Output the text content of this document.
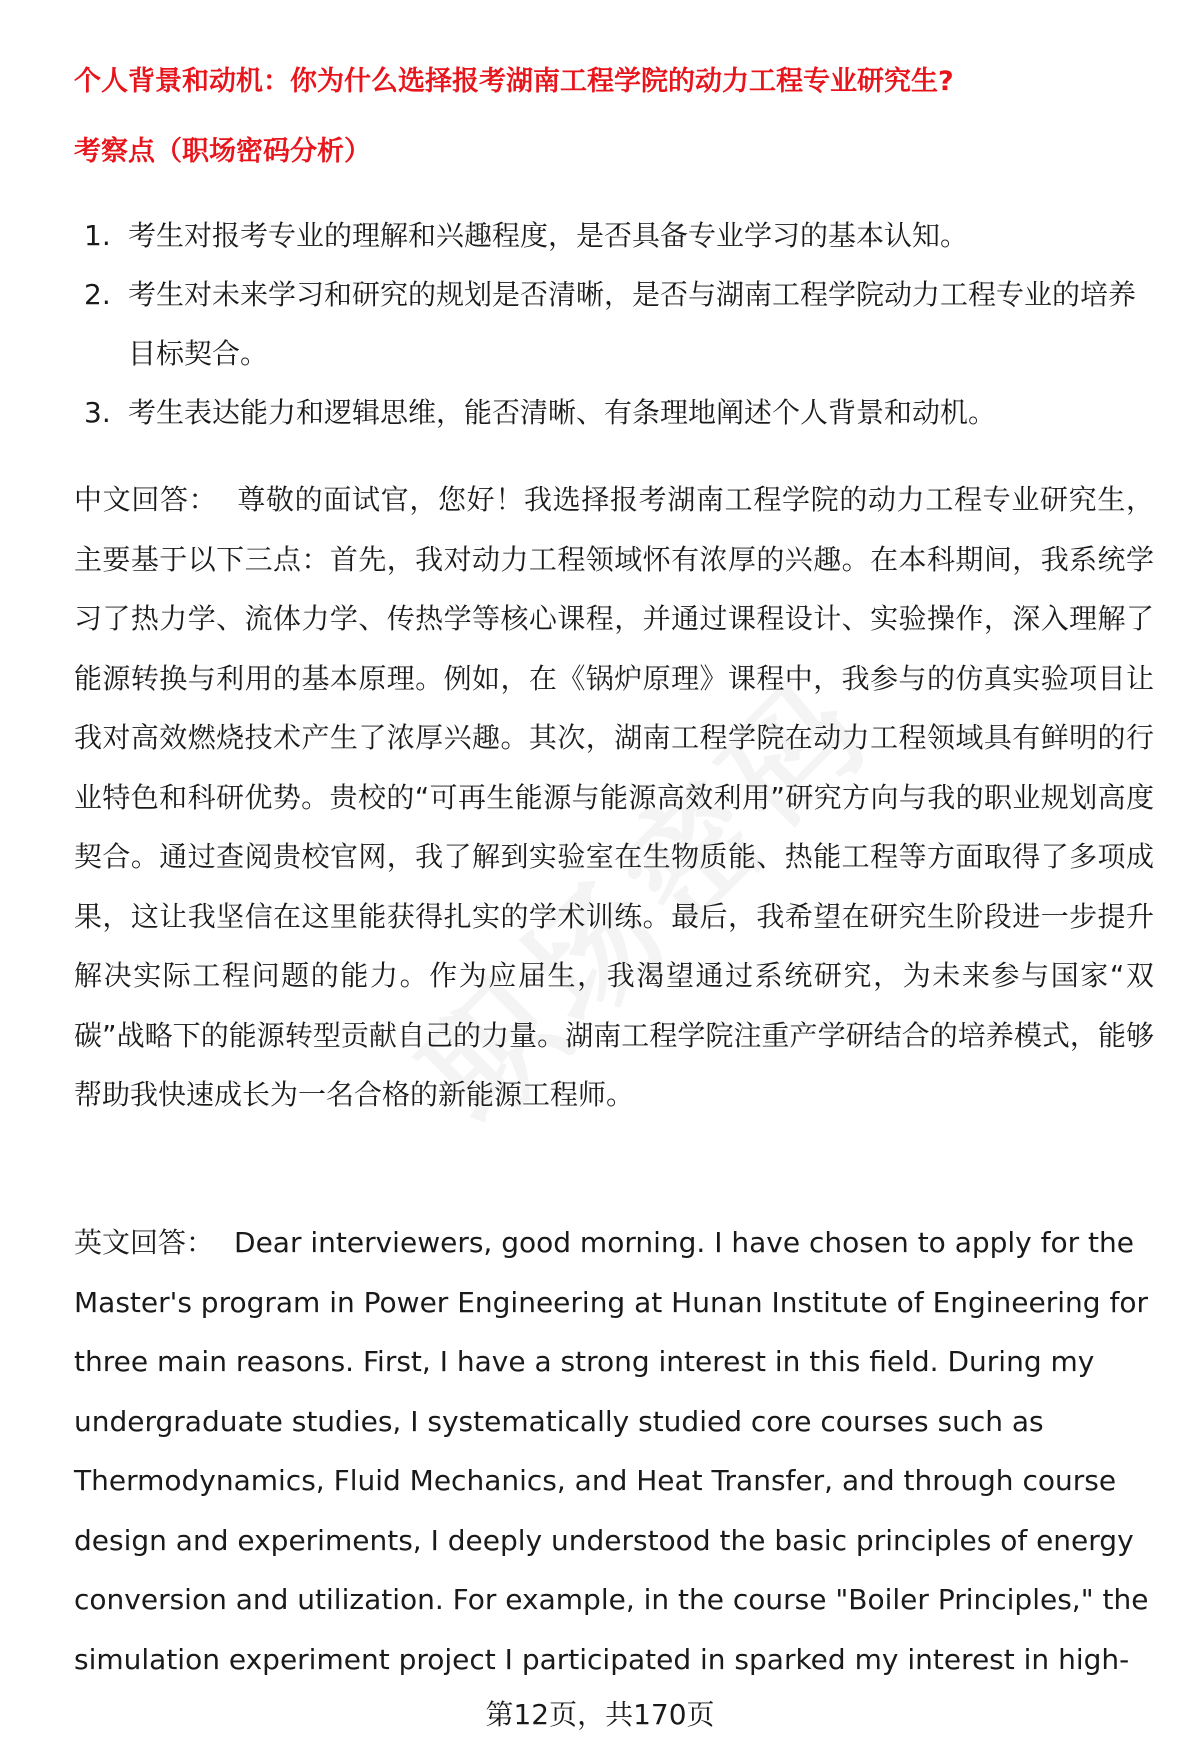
个人背景和动机：你为什么选择报考湖南工程学院的动力工程专业研究生?
考察点（职场密码分析）
1. 考生对报考专业的理解和兴趣程度，是否具备专业学习的基本认知。
2. 考生对未来学习和研究的规划是否清晰，是否与湖南工程学院动力工程专业的培养目标契合。
3. 考生表达能力和逻辑思维，能否清晰、有条理地阐述个人背景和动机。

中文回答： 尊敬的面试官，您好！我选择报考湖南工程学院的动力工程专业研究生，主要基于以下三点：首先，我对动力工程领域怀有浓厚的兴趣。在本科期间，我系统学习了热力学、流体力学、传热学等核心课程，并通过课程设计、实验操作，深入理解了能源转换与利用的基本原理。例如，在《锅炉原理》课程中，我参与的仿真实验项目让我对高效燃烧技术产生了浓厚兴趣。其次，湖南工程学院在动力工程领域具有鲜明的行业特色和科研优势。贵校的“可再生能源与能源高效利用”研究方向与我的职业规划高度契合。通过查阅贵校官网，我了解到实验室在生物质能、热能工程等方面取得了多项成果，这让我坚信在这里能获得扎实的学术训练。最后，我希望在研究生阶段进一步提升解决实际工程问题的能力。作为应届生，我渴望通过系统研究，为未来参与国家“双碳”战略下的能源转型贡献自己的力量。湖南工程学院注重产学研结合的培养模式，能够帮助我快速成长为一名合格的新能源工程师。

英文回答： Dear interviewers, good morning. I have chosen to apply for the Master's program in Power Engineering at Hunan Institute of Engineering for three main reasons. First, I have a strong interest in this field. During my undergraduate studies, I systematically studied core courses such as Thermodynamics, Fluid Mechanics, and Heat Transfer, and through course design and experiments, I deeply understood the basic principles of energy conversion and utilization. For example, in the course "Boiler Principles," the simulation experiment project I participated in sparked my interest in high-

第12页，共170页
